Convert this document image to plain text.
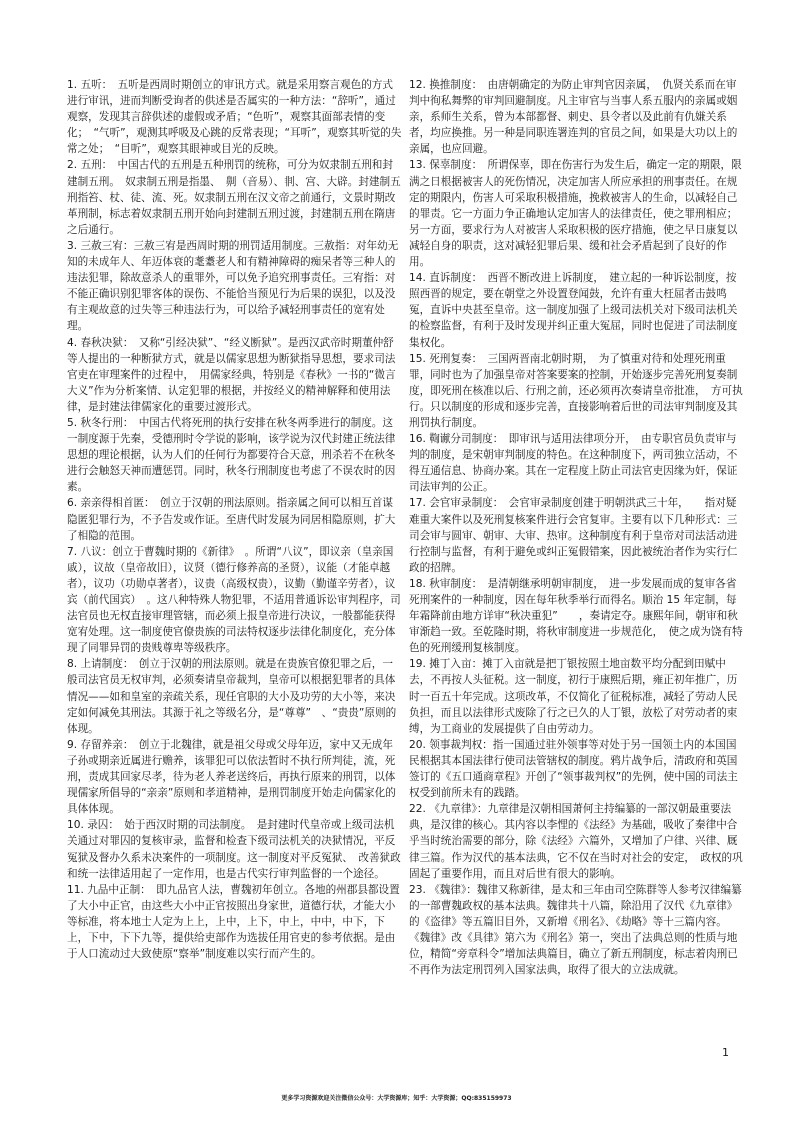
1. 五听：　五听是西周时期创立的审讯方式。就是采用察言观色的方式进行审讯，进而判断受询者的供述是否属实的一种方法：“辞听”，通过观察，发现其言辞供述的虚假或矛盾；“色听”，观察其面部表情的变化；　“气听”，观测其呼吸及心跳的反常表现；“耳听”，观察其听觉的失常之处；　“目听”，观察其眼神或目光的反映。

2. 五刑：　中国古代的五刑是五种刑罚的统称，可分为奴隶制五刑和封建制五刑。　奴隶制五刑是指墨、　劓（音易）、剕、宫、大辟。封建制五刑指笞、杖、徒、流、死。奴隶制五刑在汉文帝之前通行，文景时期改革刑制，标志着奴隶制五刑开始向封建制五刑过渡，封建制五刑在隋唐之后通行。

3. 三赦三宥：三赦三宥是西周时期的刑罚适用制度。三赦指：对年幼无知的未成年人、年迈体衰的耄耋老人和有精神障碍的痴呆者等三种人的违法犯罪，除故意杀人的重罪外，可以免予追究刑事责任。三宥指：对不能正确识别犯罪客体的误伤、不能恰当预见行为后果的误犯，以及没有主观故意的过失等三种违法行为，可以给予减轻刑事责任的宽宥处理。

4. 春秋决狱：　又称“引经决狱”、“经义断狱”。是西汉武帝时期董仲舒等人提出的一种断狱方式，就是以儒家思想为断狱指导思想，要求司法官吏在审理案件的过程中，　用儒家经典，特别是《春秋》一书的“微言大义”作为分析案情、认定犯罪的根据，并按经义的精神解释和使用法律，是封建法律儒家化的重要过渡形式。

5. 秋冬行刑：　中国古代将死刑的执行安排在秋冬两季进行的制度。这一制度源于先秦，受德刑时令学说的影响，该学说为汉代封建正统法律思想的理论根据，认为人们的任何行为都要符合天意，刑杀若不在秋冬进行会触怒天神而遭惩罚。同时，秋冬行刑制度也考虑了不误农时的因素。

6. 亲亲得相首匿：　创立于汉朝的刑法原则。指亲属之间可以相互首谋隐匿犯罪行为，不予告发或作证。至唐代时发展为同居相隐原则，扩大了相隐的范围。

7. 八议：创立于曹魏时期的《新律》　。所谓“八议”，即议亲（皇亲国戚），议故（皇帝故旧），议贤（德行修养高的圣贤），议能（才能卓越者），议功（功勋卓著者），议贵（高级权贵），议勤（勤谨辛劳者），议宾（前代国宾）　。这八种特殊人物犯罪，不适用普通诉讼审判程序，司法官员也无权直接审理管辖，而必须上报皇帝进行决议，一般都能获得宽宥处理。这一制度使官僚贵族的司法特权逐步法律化制度化，充分体现了同罪异罚的贵贱尊卑等级秩序。

8. 上请制度：　创立于汉朝的刑法原则。就是在贵族官僚犯罪之后，一般司法官员无权审判，必须奏请皇帝裁判，皇帝可以根据犯罪者的具体情况——如和皇室的亲疏关系，现任官职的大小及功劳的大小等，来决定如何减免其刑法。其源于礼之等级名分，是“尊尊”　、“贵贵”原则的体现。

9. 存留养亲：　创立于北魏律，就是祖父母或父母年迈，家中又无成年子孙或期亲近属进行赡养，该罪犯可以依法暂时不执行所判徒，流，死刑，责成其回家尽孝，待为老人养老送终后，再执行原来的刑罚，以体现儒家所倡导的“亲亲”原则和孝道精神，是刑罚制度开始走向儒家化的具体体现。

10. 录囚：　始于西汉时期的司法制度。　是封建时代皇帝或上级司法机关通过对罪囚的复核审录，监督和检查下级司法机关的决狱情况，平反冤狱及督办久系未决案件的一项制度。这一制度对平反冤狱、　改善狱政和统一法律适用起了一定作用，也是古代实行审判监督的一个途径。

11. 九品中正制：　即九品官人法，曹魏初年创立。各地的州郡县都设置了大小中正官，由这些大小中正官按照出身家世，道德行状，才能大小等标准，将本地士人定为上上，上中，上下，中上，中中，中下，下上，下中，下下九等，提供给吏部作为选拔任用官吏的参考依据。是由于人口流动过大致使原“察举”制度难以实行而产生的。

12. 换推制度：　由唐朝确定的为防止审判官因亲属，　仇贤关系而在审判中徇私舞弊的审判回避制度。凡主审官与当事人系五服内的亲属或姻亲，系师生关系，曾为本部都督、刺史、县令者以及此前有仇嫌关系者，均应换推。另一种是同职连署连判的官员之间，如果是大功以上的亲属，也应回避。

13. 保辜制度：　所谓保辜，即在伤害行为发生后，确定一定的期限，限满之日根据被害人的死伤情况，决定加害人所应承担的刑事责任。在规定的期限内，伤害人可采取积极措施，挽救被害人的生命，以减轻自己的罪责。它一方面力争正确地认定加害人的法律责任，使之罪刑相应；另一方面，要求行为人对被害人采取积极的医疗措施，使之早日康复以减轻自身的职责，这对减轻犯罪后果、缓和社会矛盾起到了良好的作用。

14. 直诉制度：　西晋不断改进上诉制度，　建立起的一种诉讼制度，按照西晋的规定，要在朝堂之外设置登闻鼓，允许有重大枉屈者击鼓鸣冤，直诉中央甚至皇帝。这一制度加强了上级司法机关对下级司法机关的检察监督，有利于及时发现并纠正重大冤屈，同时也促进了司法制度集权化。

15. 死刑复奏：　三国两晋南北朝时期，　为了慎重对待和处理死刑重罪，同时也为了加强皇帝对答案要案的控制，开始逐步完善死刑复奏制度，即死刑在核准以后、行刑之前，还必须再次奏请皇帝批准，　方可执行。只以制度的形成和逐步完善，直接影响着后世的司法审判制度及其刑罚执行制度。

16. 鞫谳分司制度：　即审讯与适用法律项分开，　由专职官员负责审与判的制度，是宋朝审判制度的特色。在这种制度下，两司独立活动，不得互通信息、协商办案。其在一定程度上防止司法官吏因缘为奸，保证司法审判的公正。

17. 会官审录制度：　会官审录制度创建于明朝洪武三十年，　　指对疑难重大案件以及死刑复核案件进行会官复审。主要有以下几种形式：三司会审与圆审、朝审、大审、热审。这种制度有利于皇帝对司法活动进行控制与监督，有利于避免或纠正冤假错案，因此被统治者作为实行仁政的招牌。

18. 秋审制度：　是清朝继承明朝审制度，　进一步发展而成的复审各省死刑案件的一种制度，因在每年秋季举行而得名。顺治 15 年定制，每年霜降前由地方详审“秋决重犯”　　，奏请定夺。康熙年间，朝审和秋审渐趋一致。至乾隆时期，将秋审制度进一步规范化，　使之成为饶有特色的死刑缓刑复核制度。

19. 摊丁入亩：摊丁入亩就是把丁银按照土地亩数平均分配到田赋中去，不再按人头征税。这一制度，初行于康熙后期，雍正初年推广，历时一百五十年完成。这项改革，不仅简化了征税标准，减轻了劳动人民负担，而且以法律形式废除了行之已久的人丁银，放松了对劳动者的束缚，为工商业的发展提供了自由劳动力。

20. 领事裁判权：指一国通过驻外领事等对处于另一国领土内的本国国民根据其本国法律行使司法管辖权的制度。鸦片战争后，清政府和英国签订的《五口通商章程》开创了“领事裁判权”的先例，使中国的司法主权受到前所未有的践踏。

22. 《九章律》：九章律是汉朝相国萧何主持编纂的一部汉朝最重要法典，是汉律的核心。其内容以李悝的《法经》为基础，吸收了秦律中合乎当时统治需要的部分，除《法经》六篇外，又增加了户律、兴律、厩律三篇。作为汉代的基本法典，它不仅在当时对社会的安定，　政权的巩固起了重要作用，而且对后世有很大的影响。

23. 《魏律》：魏律又称新律，是太和三年由司空陈群等人参考汉律编纂的一部曹魏政权的基本法典。魏律共十八篇，除沿用了汉代《九章律》的《盗律》等五篇旧目外，又新增《刑名》、《劫略》等十三篇内容。　《魏律》改《具律》第六为《刑名》第一，突出了法典总则的性质与地位，精简“旁章科令”增加法典篇目，确立了新五刑制度，标志着肉刑已不再作为法定刑罚列入国家法典，取得了很大的立法成就。

1
更多学习资源欢迎关注微信公众号：大学资源库；知乎：大学资源；QQ:835159973
